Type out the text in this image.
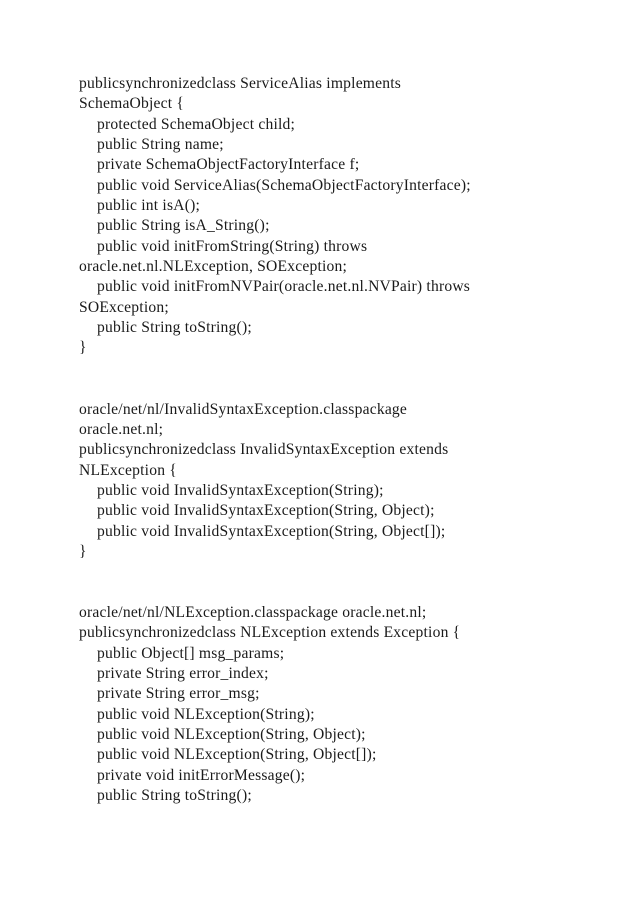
publicsynchronizedclass ServiceAlias implements
SchemaObject {
protected SchemaObject child;
public String name;
private SchemaObjectFactoryInterface f;
public void ServiceAlias(SchemaObjectFactoryInterface);
public int isA();
public String isA_String();
public void initFromString(String) throws
oracle.net.nl.NLException, SOException;
public void initFromNVPair(oracle.net.nl.NVPair) throws
SOException;
public String toString();
}
oracle/net/nl/InvalidSyntaxException.classpackage
oracle.net.nl;
publicsynchronizedclass InvalidSyntaxException extends
NLException {
public void InvalidSyntaxException(String);
public void InvalidSyntaxException(String, Object);
public void InvalidSyntaxException(String, Object[]);
}
oracle/net/nl/NLException.classpackage oracle.net.nl;
publicsynchronizedclass NLException extends Exception {
public Object[] msg_params;
private String error_index;
private String error_msg;
public void NLException(String);
public void NLException(String, Object);
public void NLException(String, Object[]);
private void initErrorMessage();
public String toString();
